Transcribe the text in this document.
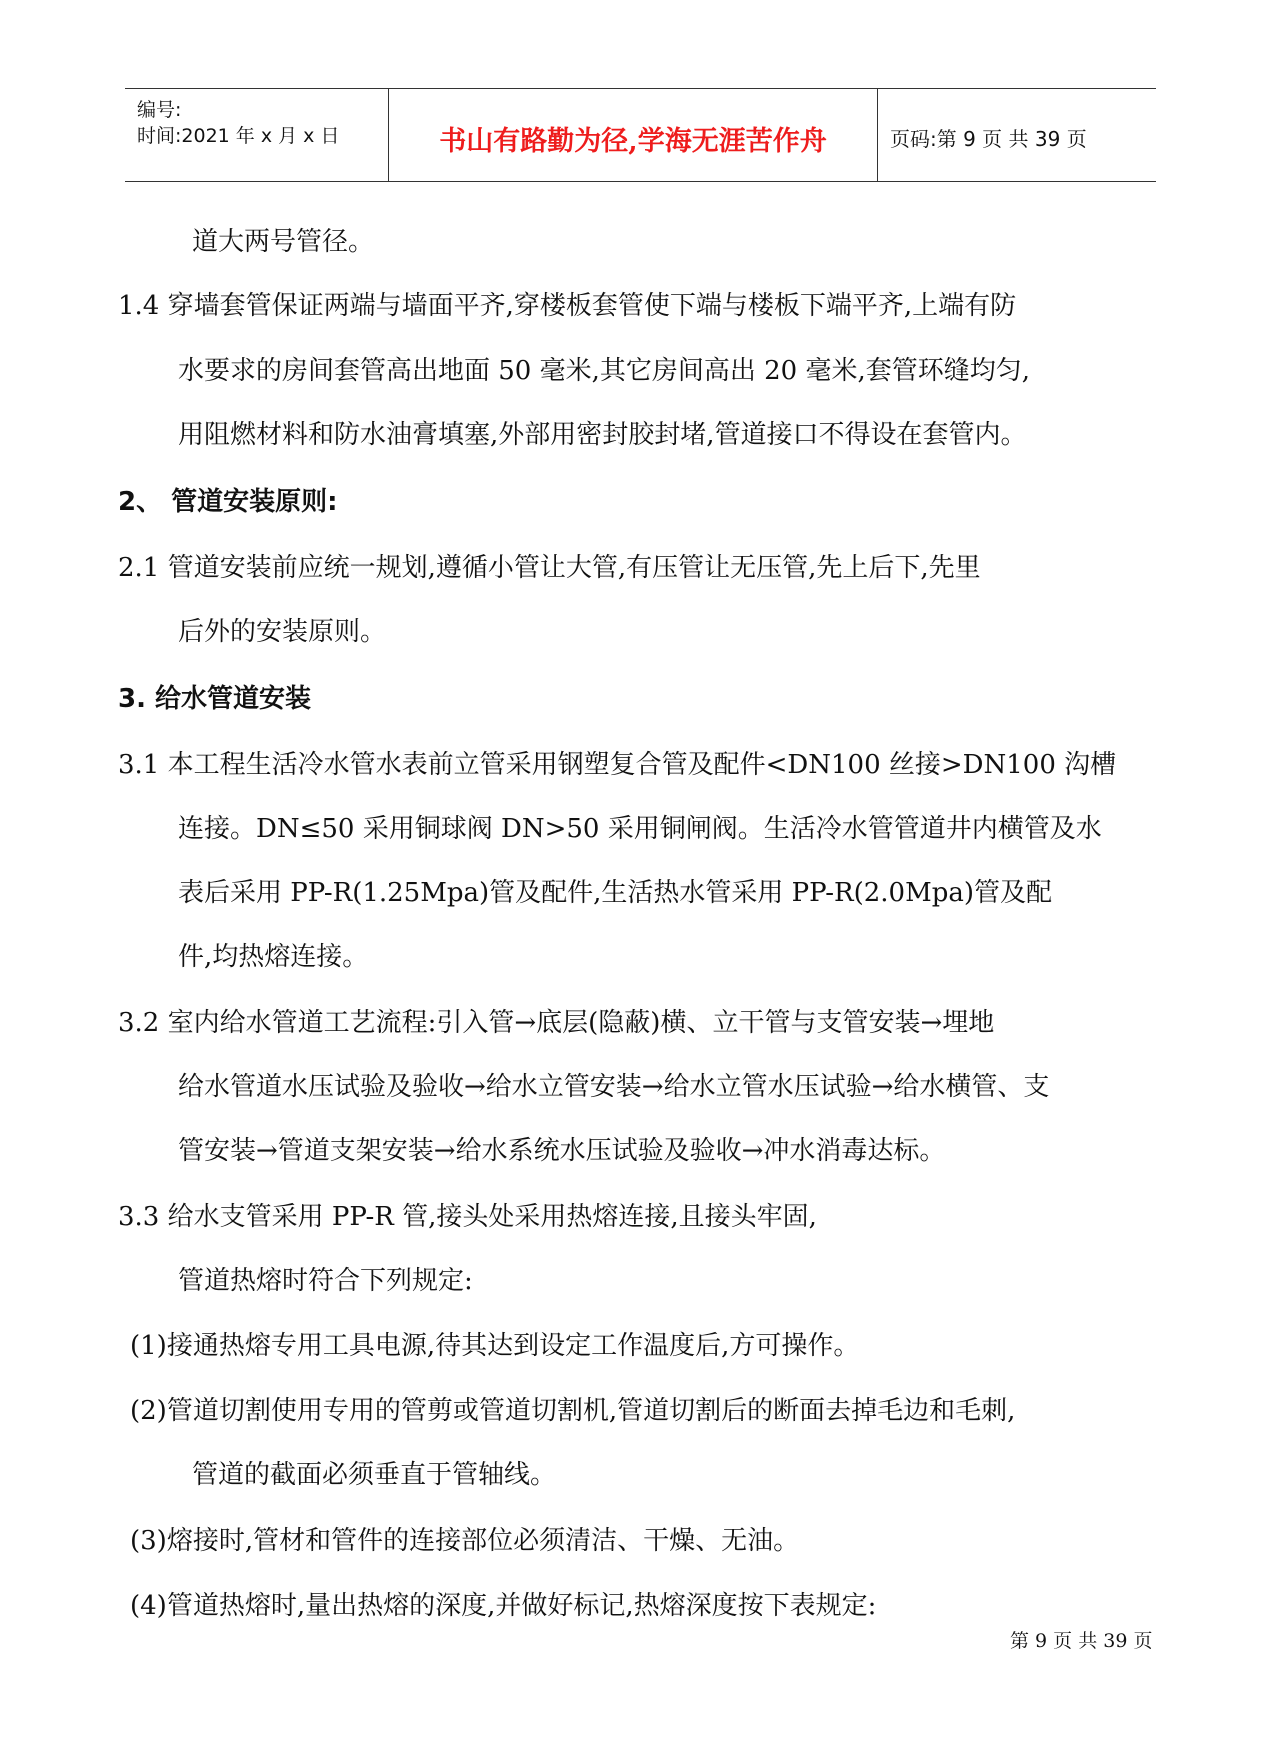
编号:
时间:2021 年 x 月 x 日	书山有路勤为径,学海无涯苦作舟	页码:第 9 页 共 39 页
道大两号管径。
1.4 穿墙套管保证两端与墙面平齐,穿楼板套管使下端与楼板下端平齐,上端有防
水要求的房间套管高出地面 50 毫米,其它房间高出 20 毫米,套管环缝均匀,
用阻燃材料和防水油膏填塞,外部用密封胶封堵,管道接口不得设在套管内。
2、 管道安装原则:
2.1 管道安装前应统一规划,遵循小管让大管,有压管让无压管,先上后下,先里
后外的安装原则。
3. 给水管道安装
3.1 本工程生活冷水管水表前立管采用钢塑复合管及配件<DN100 丝接>DN100 沟槽
连接。DN≤50 采用铜球阀 DN>50 采用铜闸阀。生活冷水管管道井内横管及水
表后采用 PP-R(1.25Mpa)管及配件,生活热水管采用 PP-R(2.0Mpa)管及配
件,均热熔连接。
3.2 室内给水管道工艺流程:引入管→底层(隐蔽)横、立干管与支管安装→埋地
给水管道水压试验及验收→给水立管安装→给水立管水压试验→给水横管、支
管安装→管道支架安装→给水系统水压试验及验收→冲水消毒达标。
3.3 给水支管采用 PP-R 管,接头处采用热熔连接,且接头牢固,
管道热熔时符合下列规定:
(1)接通热熔专用工具电源,待其达到设定工作温度后,方可操作。
(2)管道切割使用专用的管剪或管道切割机,管道切割后的断面去掉毛边和毛刺,
管道的截面必须垂直于管轴线。
(3)熔接时,管材和管件的连接部位必须清洁、干燥、无油。
(4)管道热熔时,量出热熔的深度,并做好标记,热熔深度按下表规定:
第 9 页 共 39 页
